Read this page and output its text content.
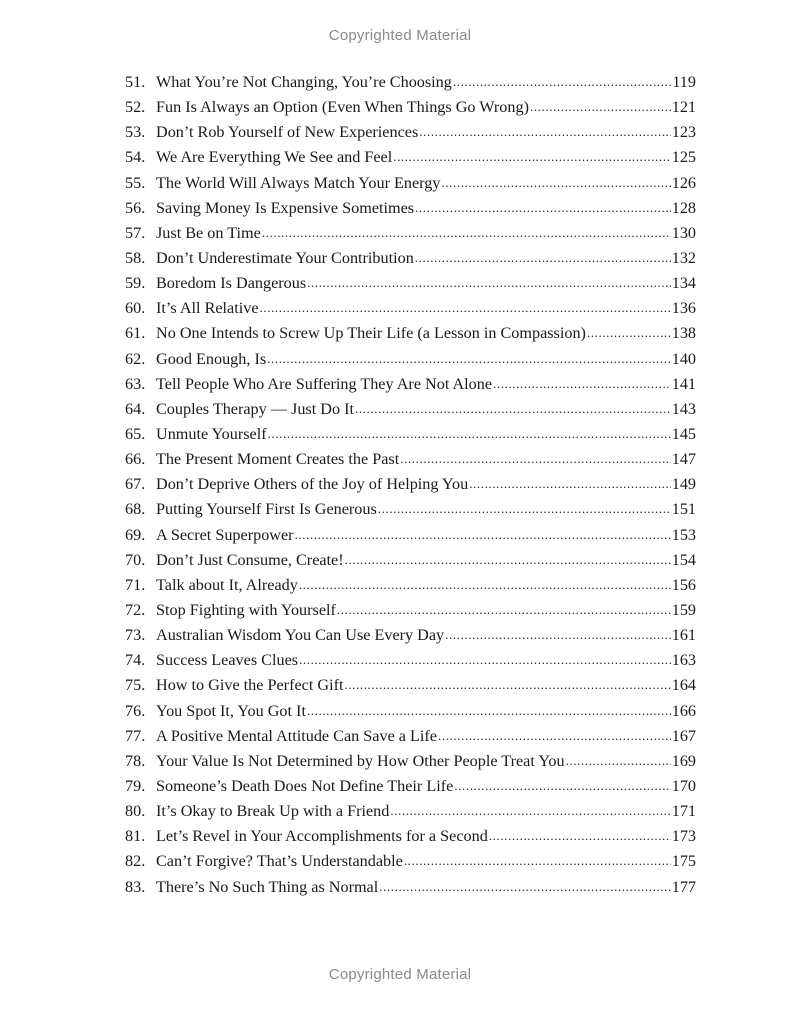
Copyrighted Material
51. What You’re Not Changing, You’re Choosing .....	119
52. Fun Is Always an Option (Even When Things Go Wrong) .....	121
53. Don’t Rob Yourself of New Experiences .....	123
54. We Are Everything We See and Feel .....	125
55. The World Will Always Match Your Energy .....	126
56. Saving Money Is Expensive Sometimes .....	128
57. Just Be on Time .....	130
58. Don’t Underestimate Your Contribution .....	132
59. Boredom Is Dangerous .....	134
60. It’s All Relative .....	136
61. No One Intends to Screw Up Their Life (a Lesson in Compassion) .....	138
62. Good Enough, Is .....	140
63. Tell People Who Are Suffering They Are Not Alone .....	141
64. Couples Therapy — Just Do It .....	143
65. Unmute Yourself .....	145
66. The Present Moment Creates the Past .....	147
67. Don’t Deprive Others of the Joy of Helping You .....	149
68. Putting Yourself First Is Generous .....	151
69. A Secret Superpower .....	153
70. Don’t Just Consume, Create! .....	154
71. Talk about It, Already .....	156
72. Stop Fighting with Yourself .....	159
73. Australian Wisdom You Can Use Every Day .....	161
74. Success Leaves Clues .....	163
75. How to Give the Perfect Gift .....	164
76. You Spot It, You Got It .....	166
77. A Positive Mental Attitude Can Save a Life .....	167
78. Your Value Is Not Determined by How Other People Treat You .....	169
79. Someone’s Death Does Not Define Their Life .....	170
80. It’s Okay to Break Up with a Friend .....	171
81. Let’s Revel in Your Accomplishments for a Second .....	173
82. Can’t Forgive? That’s Understandable .....	175
83. There’s No Such Thing as Normal .....	177
Copyrighted Material
